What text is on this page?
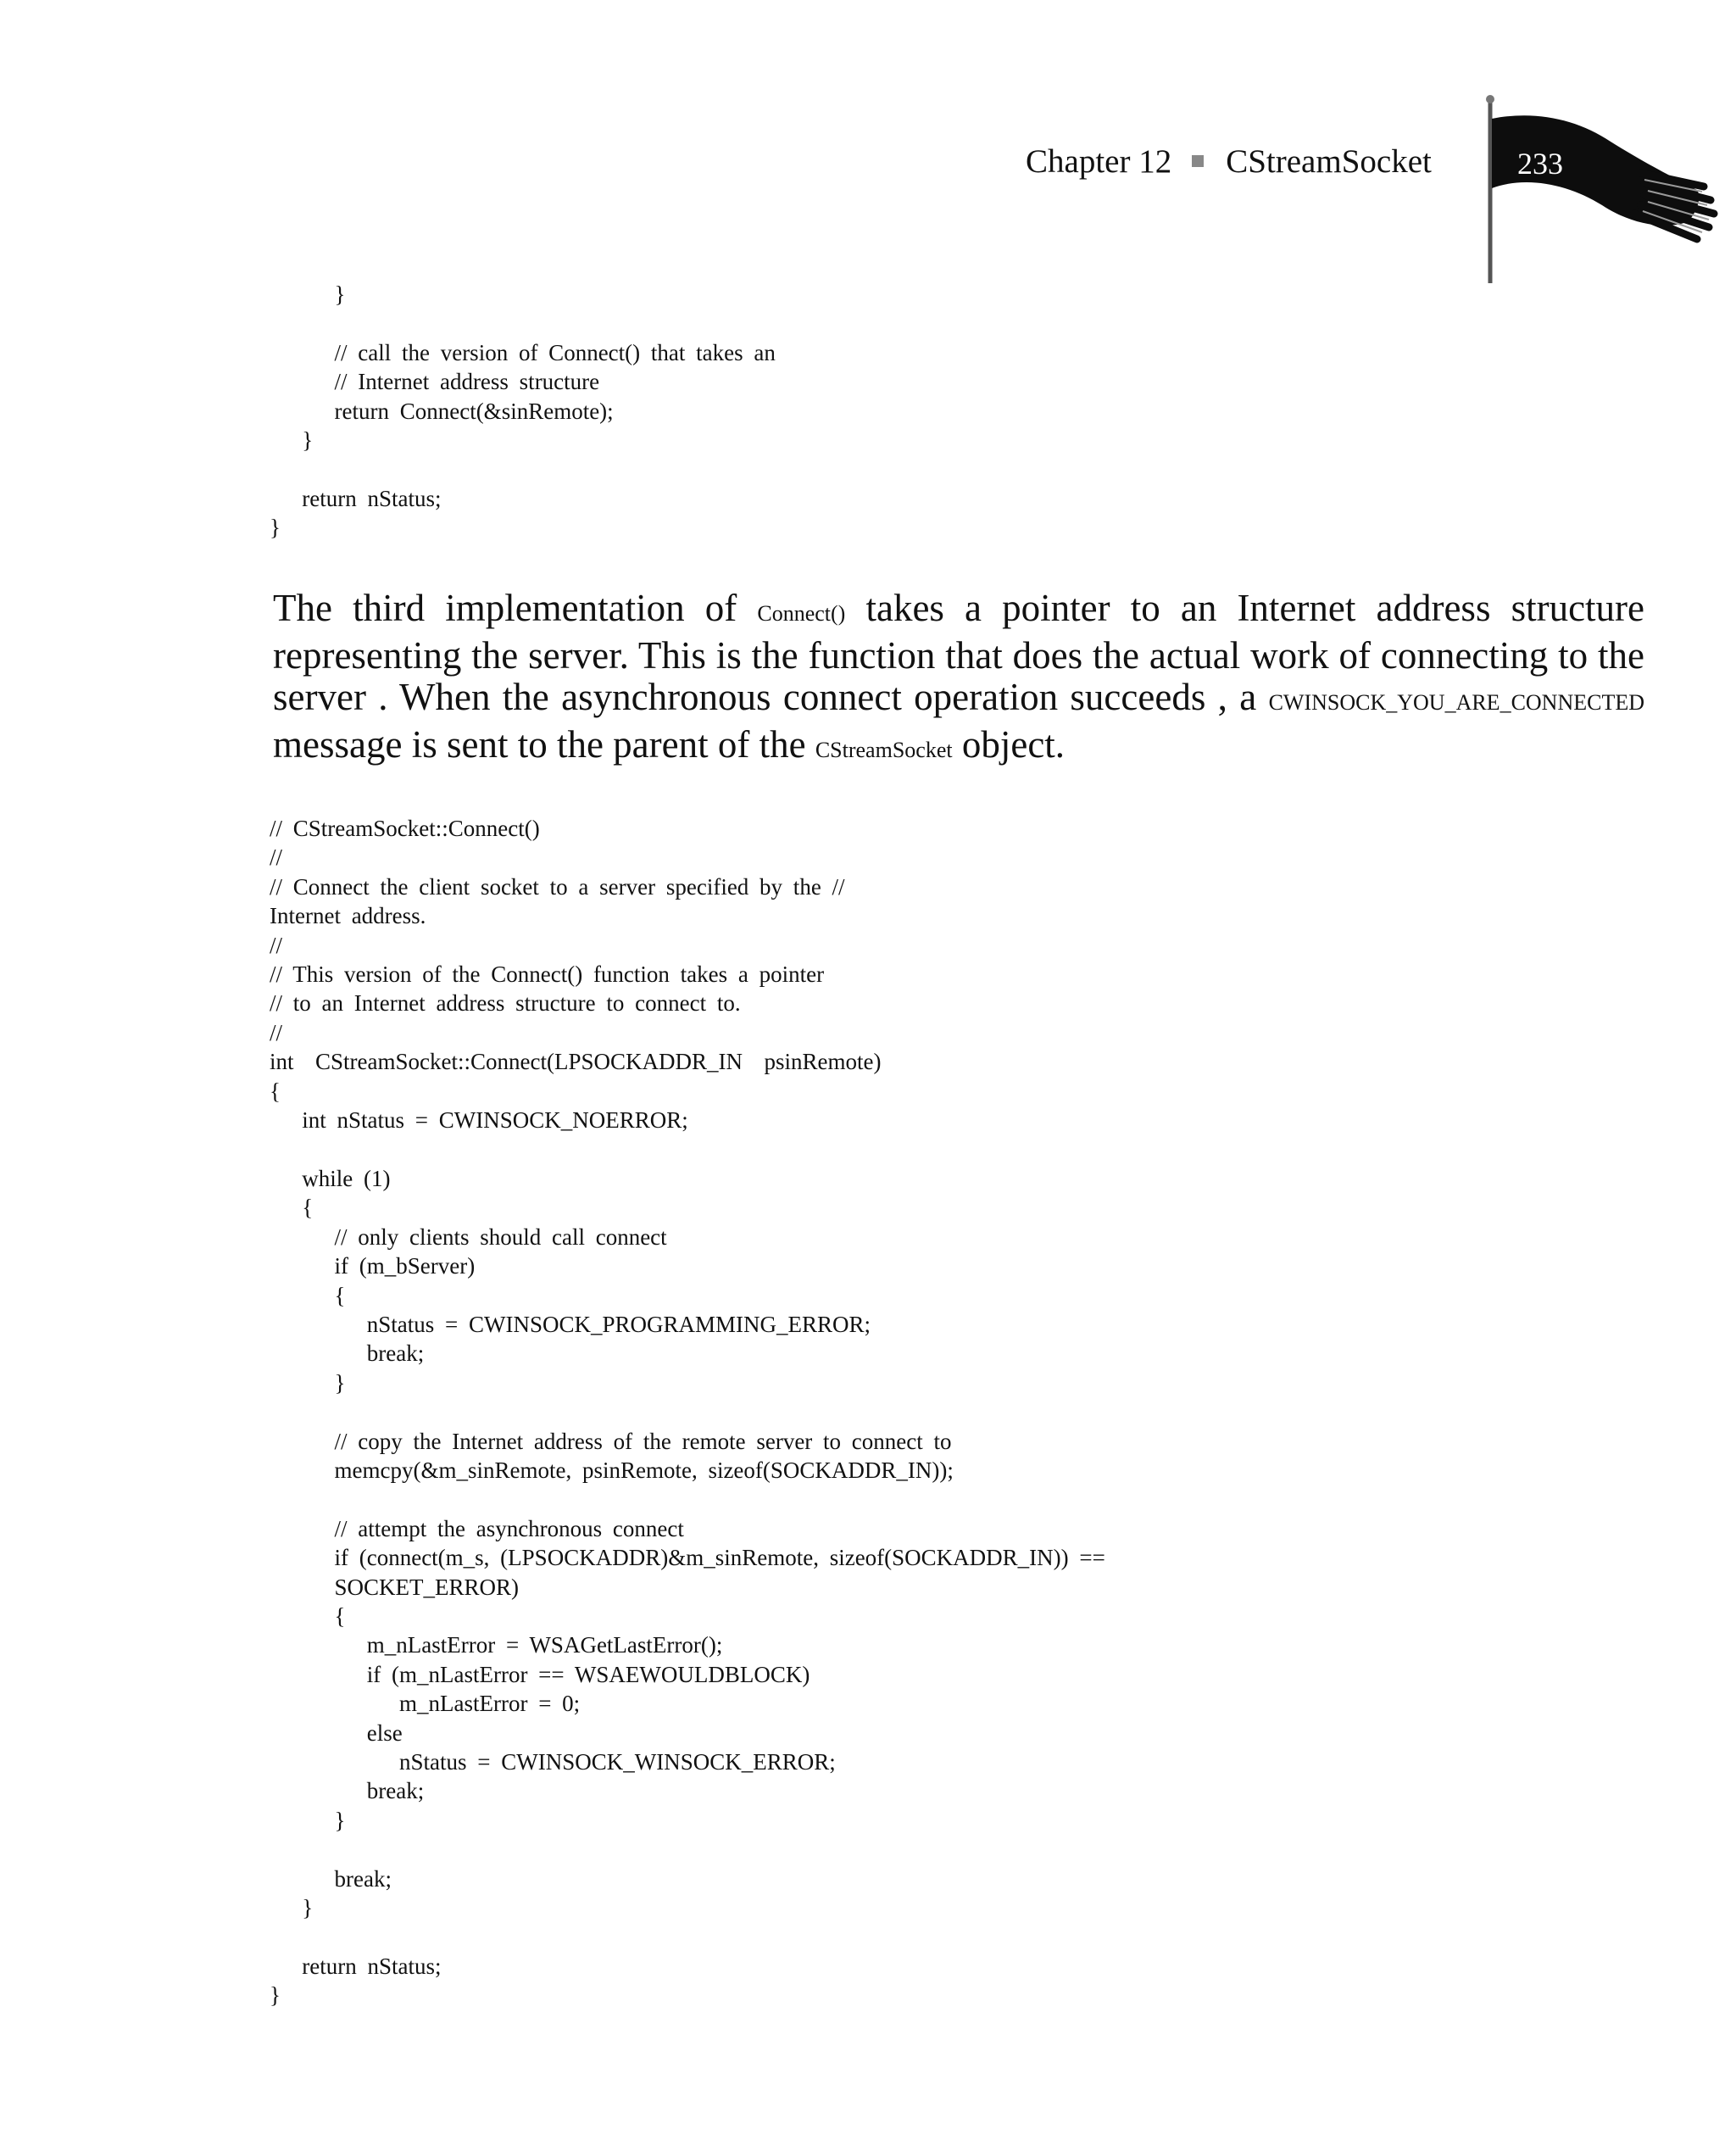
Chapter 12 CStreamSocket	233
}

// call the version of Connect() that takes an
// Internet address structure
return Connect(&sinRemote);
}

return nStatus;
}

The third implementation of Connect() takes a pointer to an Internet address structure representing the server. This is the function that does the actual work of connecting to the server . When the asynchronous connect operation succeeds , a CWINSOCK_YOU_ARE_CONNECTED message is sent to the parent of the CStreamSocket object.

// CStreamSocket::Connect()
//
// Connect the client socket to a server specified by the //
Internet address.
//
// This version of the Connect() function takes a pointer
// to an Internet address structure to connect to.
//
int  CStreamSocket::Connect(LPSOCKADDR_IN  psinRemote)
{
int nStatus = CWINSOCK_NOERROR;

while (1)
{
// only clients should call connect
if (m_bServer)
{
nStatus = CWINSOCK_PROGRAMMING_ERROR;
break;
}

// copy the Internet address of the remote server to connect to
memcpy(&m_sinRemote, psinRemote, sizeof(SOCKADDR_IN));

// attempt the asynchronous connect
if (connect(m_s, (LPSOCKADDR)&m_sinRemote, sizeof(SOCKADDR_IN)) ==
SOCKET_ERROR)
{
m_nLastError = WSAGetLastError();
if (m_nLastError == WSAEWOULDBLOCK)
m_nLastError = 0;
else
nStatus = CWINSOCK_WINSOCK_ERROR;
break;
}

break;
}

return nStatus;
}
